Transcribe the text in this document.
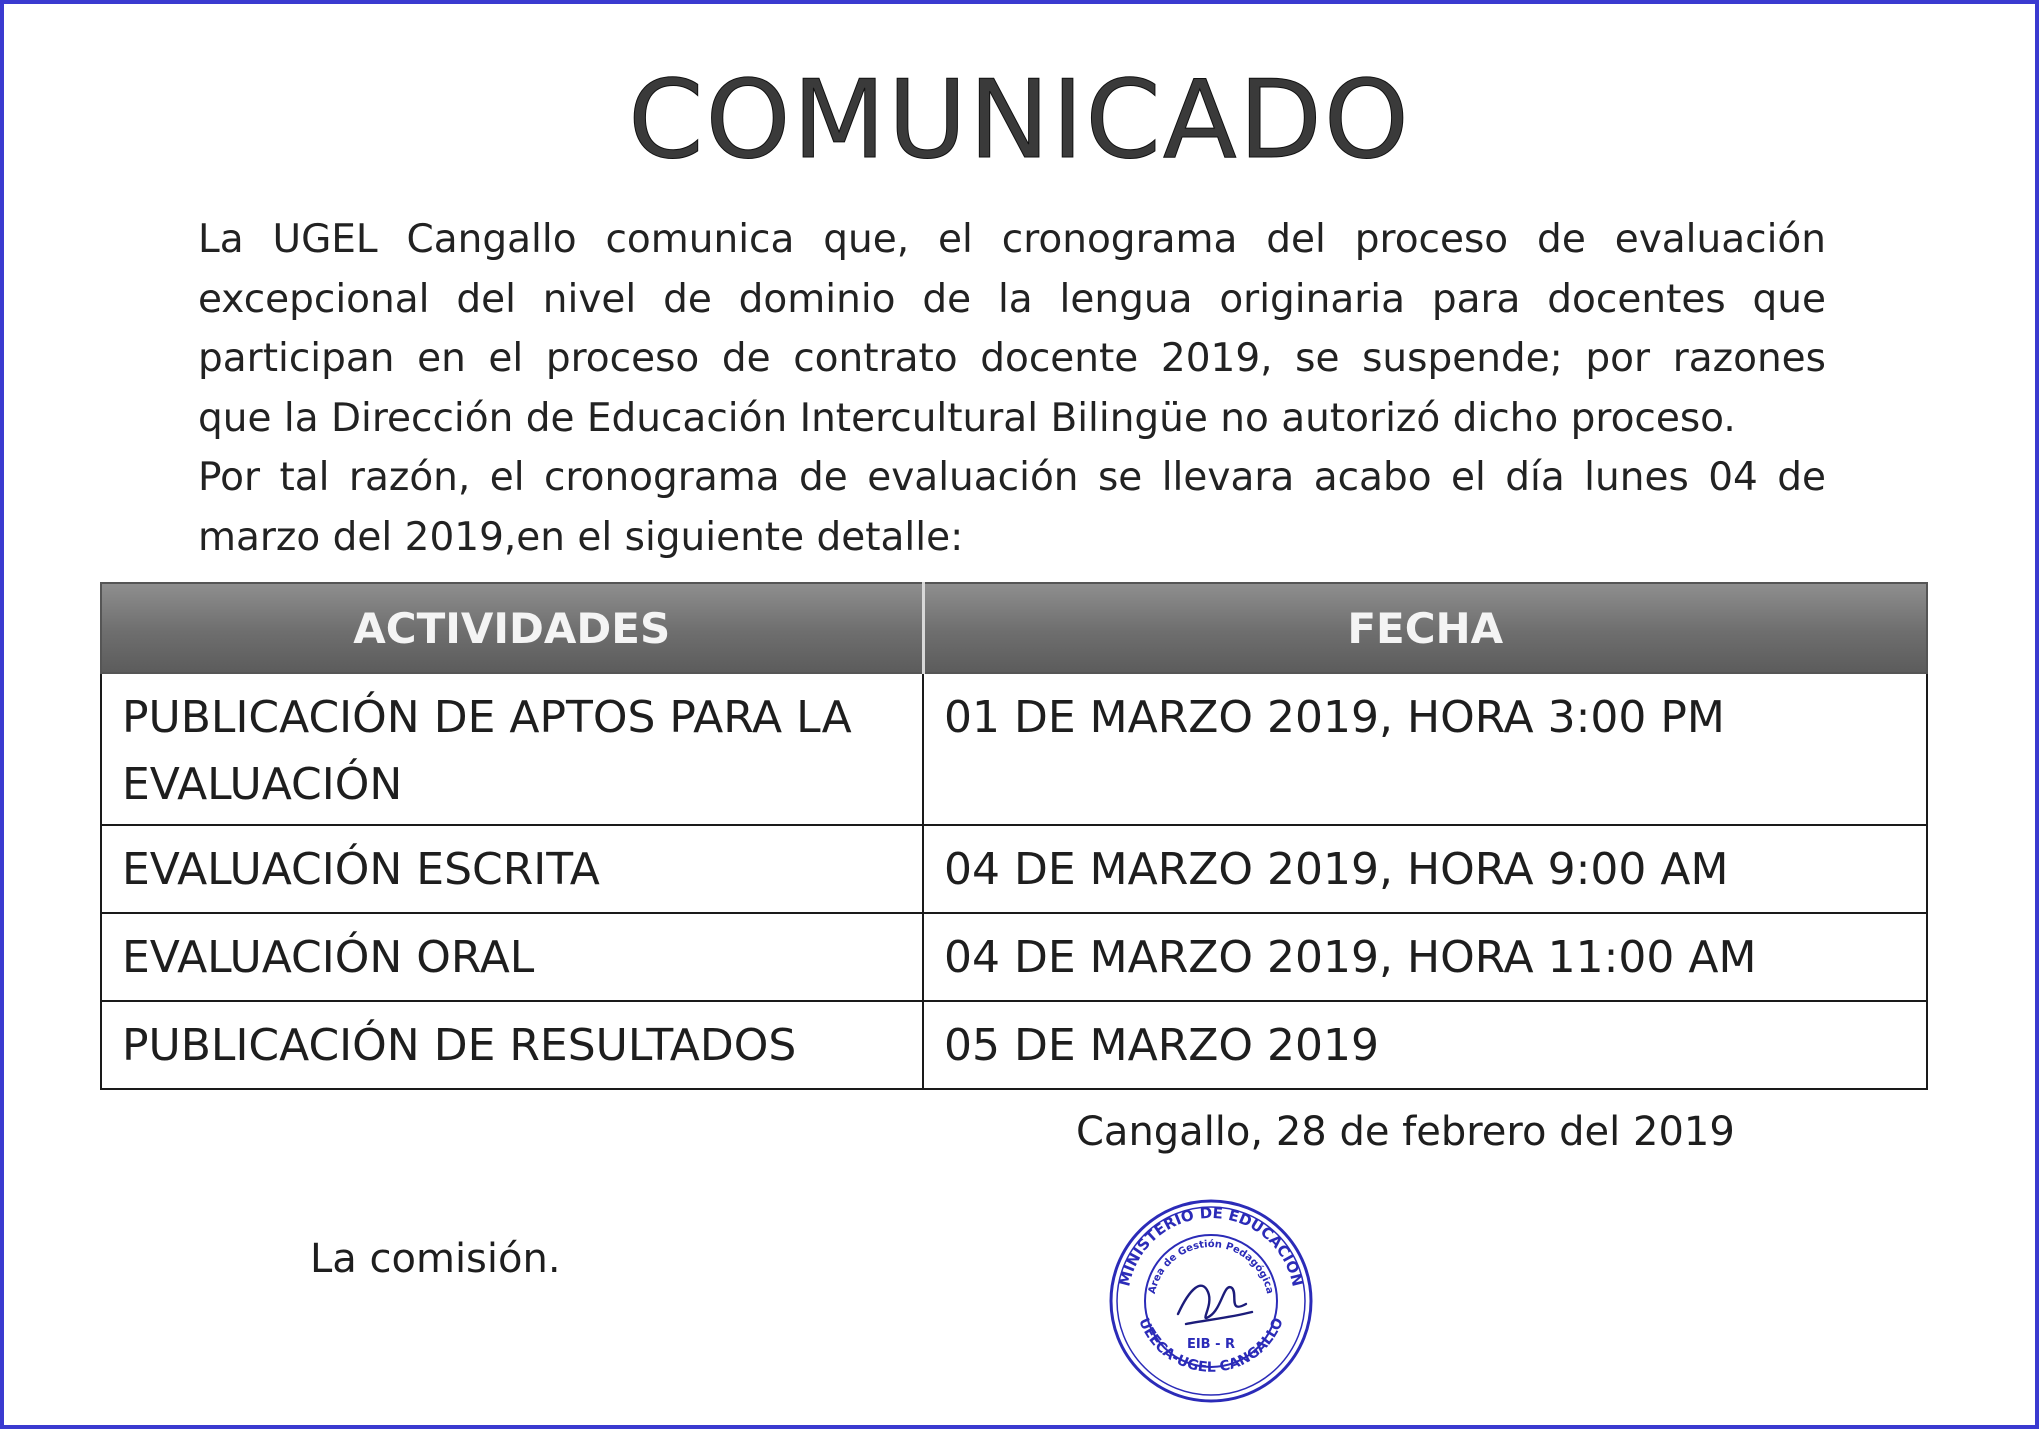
COMUNICADO

La UGEL Cangallo comunica que, el cronograma del proceso de evaluación

excepcional del nivel de dominio de la lengua originaria para docentes que

participan en el proceso de contrato docente 2019, se suspende; por razones

que la Dirección de Educación Intercultural Bilingüe no autorizó dicho proceso.

Por tal razón, el cronograma de evaluación se llevara acabo el día lunes 04 de

marzo del 2019,en el siguiente detalle:

ACTIVIDADES	FECHA
PUBLICACIÓN DE APTOS PARA LA
EVALUACIÓN	01 DE MARZO 2019, HORA 3:00 PM
EVALUACIÓN ESCRITA	04 DE MARZO 2019, HORA 9:00 AM
EVALUACIÓN ORAL	04 DE MARZO 2019, HORA 11:00 AM
PUBLICACIÓN DE RESULTADOS	05 DE MARZO 2019
Cangallo, 28 de febrero del 2019
La comisión.	MINISTERIO DE EDUCACION
UEECA-UGEL CANGALLO
Area de Gestión Pedagógica
EIB - R
